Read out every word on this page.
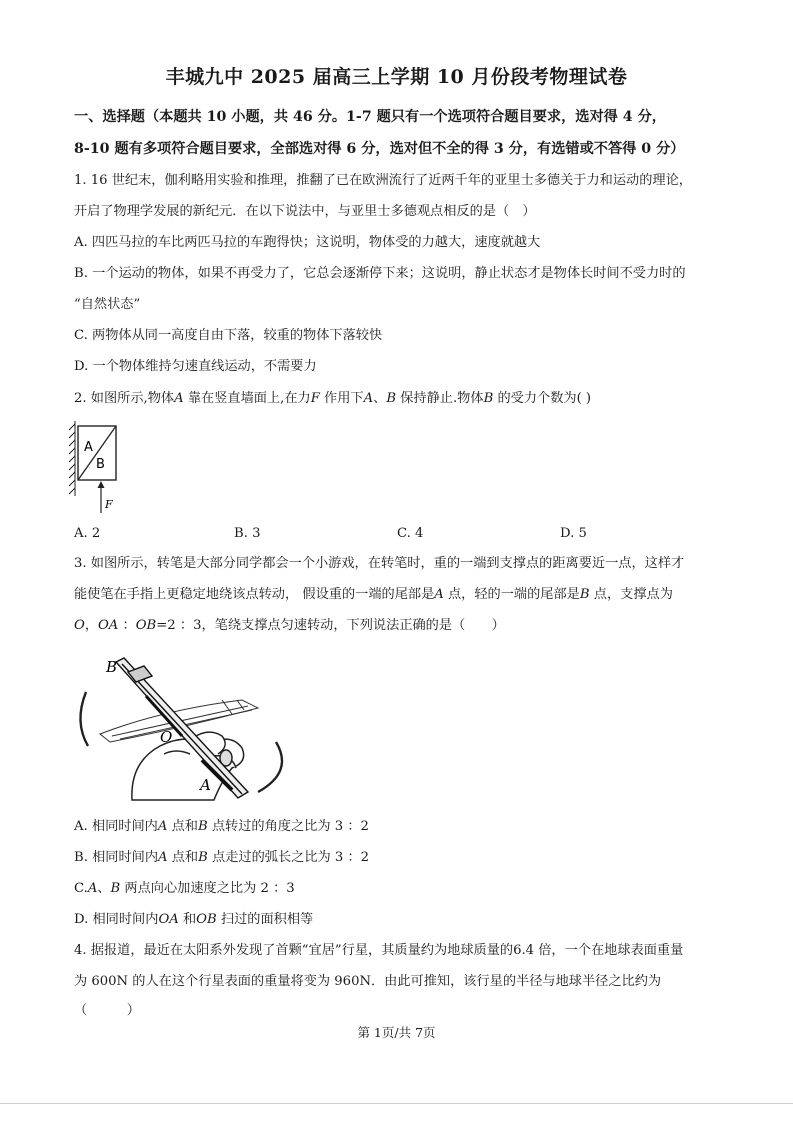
丰城九中 2025 届高三上学期 10 月份段考物理试卷
一、选择题（本题共 10 小题，共 46 分。1-7 题只有一个选项符合题目要求，选对得 4 分，
8-10 题有多项符合题目要求，全部选对得 6 分，选对但不全的得 3 分，有选错或不答得 0 分）
1. 16 世纪末，伽利略用实验和推理，推翻了已在欧洲流行了近两千年的亚里士多德关于力和运动的理论，
开启了物理学发展的新纪元．在以下说法中，与亚里士多德观点相反的是（　）
A. 四匹马拉的车比两匹马拉的车跑得快；这说明，物体受的力越大，速度就越大
B. 一个运动的物体，如果不再受力了，它总会逐渐停下来；这说明，静止状态才是物体长时间不受力时的
“自然状态”
C. 两物体从同一高度自由下落，较重的物体下落较快
D. 一个物体维持匀速直线运动，不需要力
2. 如图所示,物体A 靠在竖直墙面上,在力F 作用下A、B 保持静止.物体B 的受力个数为( )
A
B
F
A. 2	B. 3	C. 4	D. 5
3. 如图所示，转笔是大部分同学都会一个小游戏，在转笔时，重的一端到支撑点的距离要近一点，这样才
能使笔在手指上更稳定地绕该点转动， 假设重的一端的尾部是A 点，轻的一端的尾部是B 点，支撑点为
O，OA ：OB=2 ：3，笔绕支撑点匀速转动，下列说法正确的是（　　）
B
O
A
A. 相同时间内A 点和B 点转过的角度之比为 3 ：2
B. 相同时间内A 点和B 点走过的弧长之比为 3 ：2
C.A、B 两点向心加速度之比为 2 ：3
D. 相同时间内OA 和OB 扫过的面积相等
4. 据报道，最近在太阳系外发现了首颗“宜居”行星，其质量约为地球质量的6.4 倍，一个在地球表面重量
为 600N 的人在这个行星表面的重量将变为 960N．由此可推知，该行星的半径与地球半径之比约为
（　　　）
第 1页/共 7页
